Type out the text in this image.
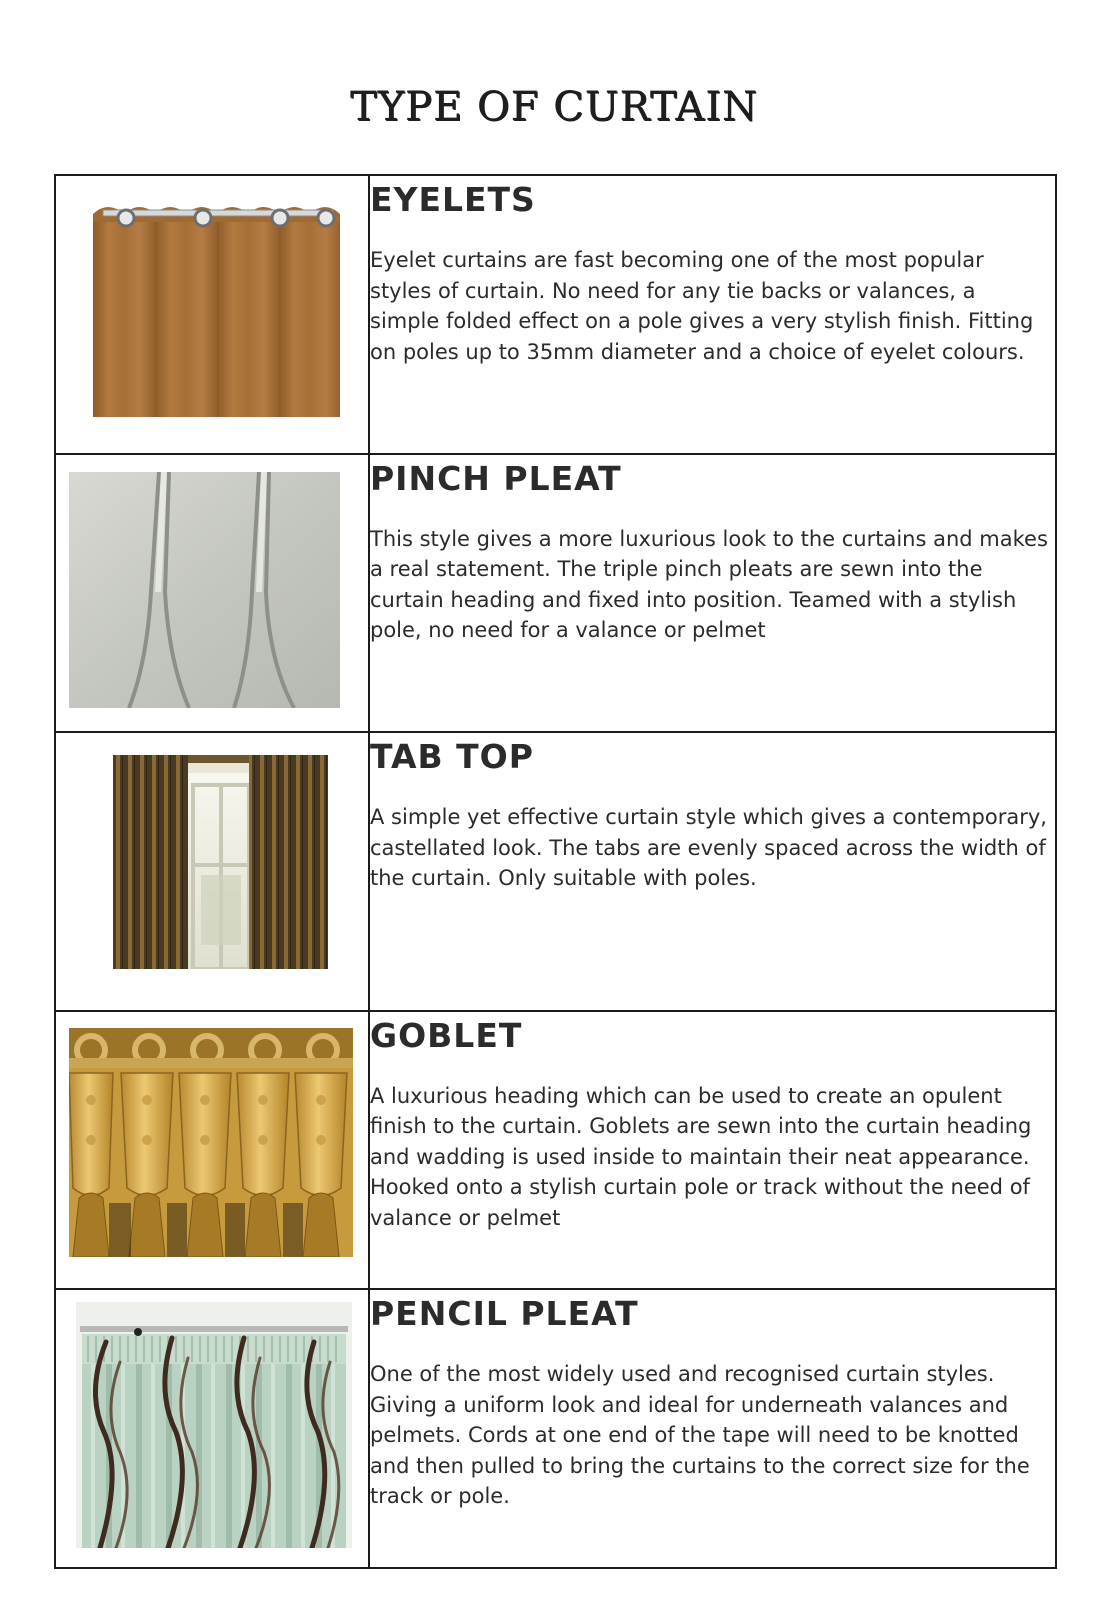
TYPE OF CURTAIN

EYELETS

Eyelet curtains are fast becoming one of the most popular styles of curtain. No need for any tie backs or valances, a simple folded effect on a pole gives a very stylish finish. Fitting on poles up to 35mm diameter and a choice of eyelet colours.

PINCH PLEAT

This style gives a more luxurious look to the curtains and makes a real statement. The triple pinch pleats are sewn into the curtain heading and fixed into position. Teamed with a stylish pole, no need for a valance or pelmet

TAB TOP

A simple yet effective curtain style which gives a contemporary, castellated look. The tabs are evenly spaced across the width of the curtain. Only suitable with poles.

GOBLET

A luxurious heading which can be used to create an opulent finish to the curtain. Goblets are sewn into the curtain heading and wadding is used inside to maintain their neat appearance. Hooked onto a stylish curtain pole or track without the need of valance or pelmet

PENCIL PLEAT

One of the most widely used and recognised curtain styles. Giving a uniform look and ideal for underneath valances and pelmets. Cords at one end of the tape will need to be knotted and then pulled to bring the curtains to the correct size for the track or pole.
